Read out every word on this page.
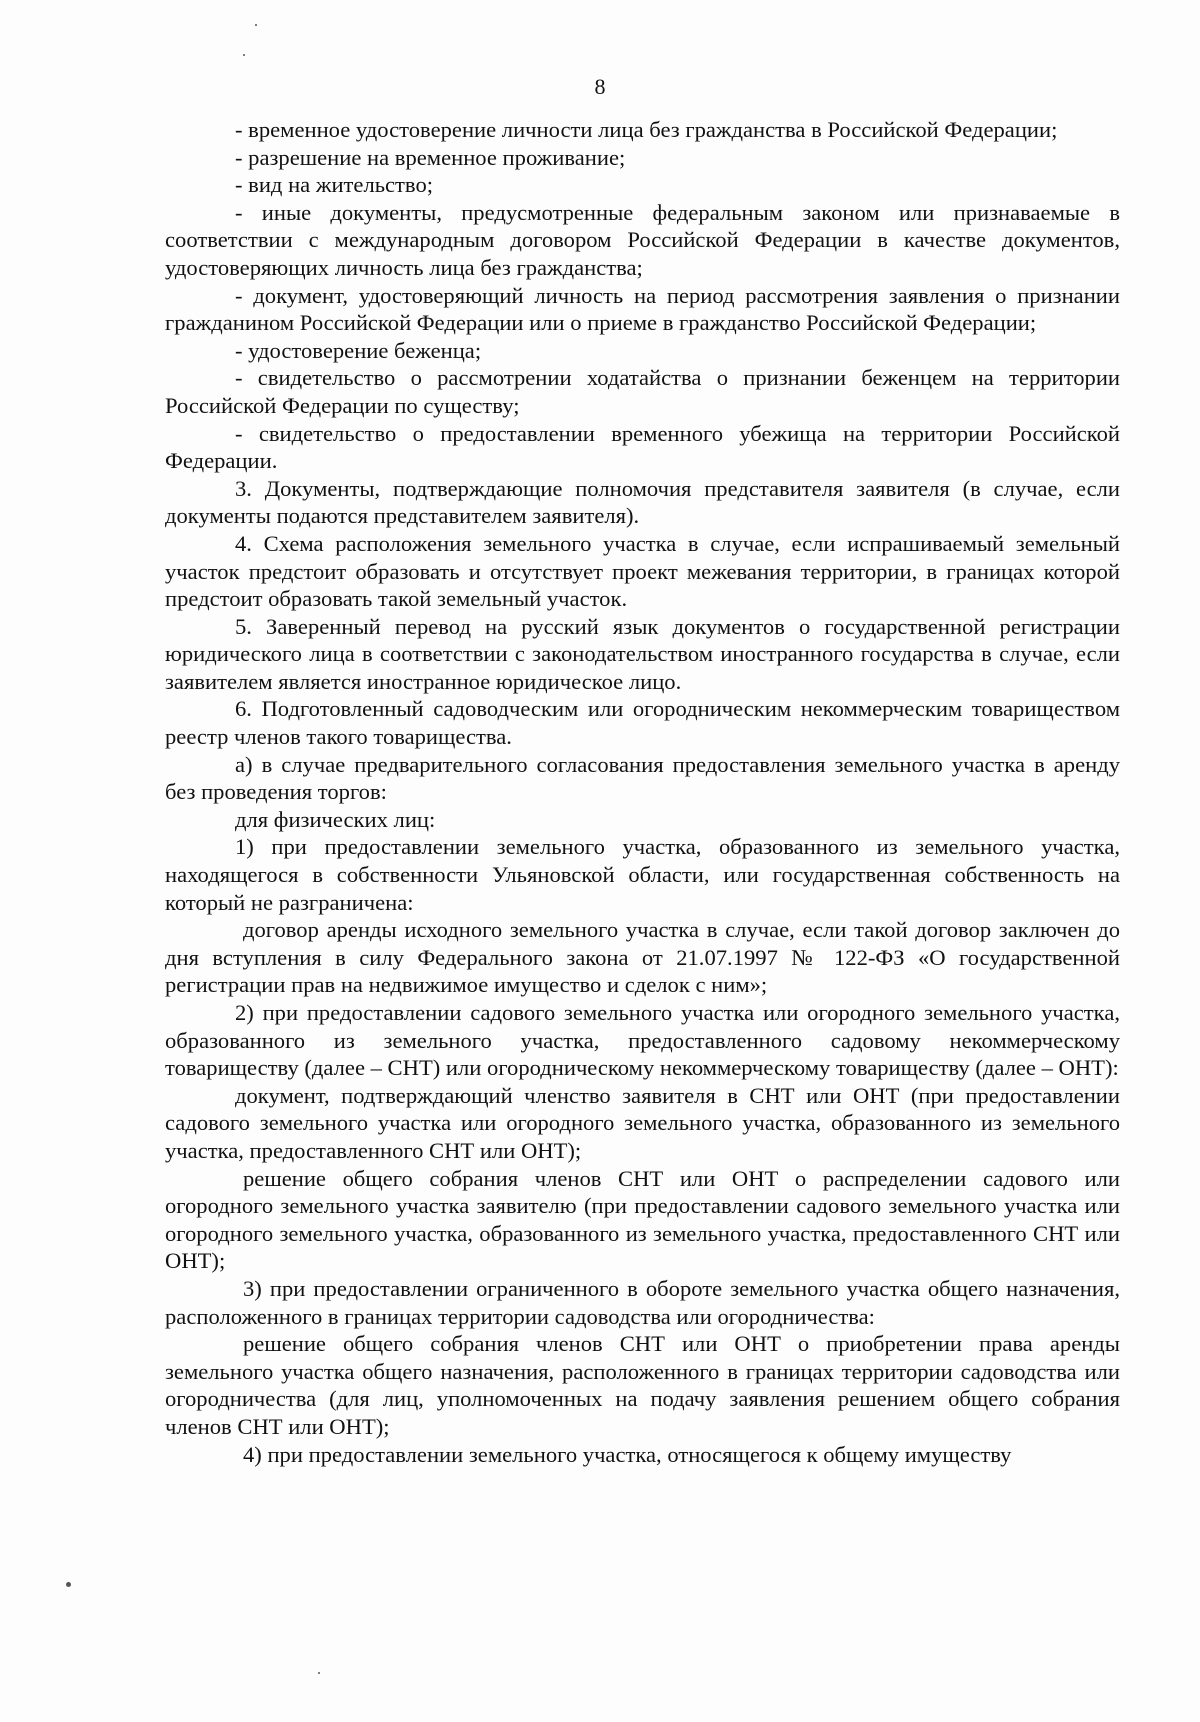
8

- временное удостоверение личности лица без гражданства в Российской Федерации;

- разрешение на временное проживание;

- вид на жительство;

- иные документы, предусмотренные федеральным законом или признаваемые в соответствии с международным договором Российской Федерации в качестве документов, удостоверяющих личность лица без гражданства;

- документ, удостоверяющий личность на период рассмотрения заявления о признании гражданином Российской Федерации или о приеме в гражданство Российской Федерации;

- удостоверение беженца;

- свидетельство о рассмотрении ходатайства о признании беженцем на территории Российской Федерации по существу;

- свидетельство о предоставлении временного убежища на территории Российской Федерации.

3. Документы, подтверждающие полномочия представителя заявителя (в случае, если документы подаются представителем заявителя).

4. Схема расположения земельного участка в случае, если испрашиваемый земельный участок предстоит образовать и отсутствует проект межевания территории, в границах которой предстоит образовать такой земельный участок.

5. Заверенный перевод на русский язык документов о государственной регистрации юридического лица в соответствии с законодательством иностранного государства в случае, если заявителем является иностранное юридическое лицо.

6. Подготовленный садоводческим или огородническим некоммерческим товариществом реестр членов такого товарищества.

а) в случае предварительного согласования предоставления земельного участка в аренду без проведения торгов:

для физических лиц:

1) при предоставлении земельного участка, образованного из земельного участка, находящегося в собственности Ульяновской области, или государственная собственность на который не разграничена:

договор аренды исходного земельного участка в случае, если такой договор заключен до дня вступления в силу Федерального закона от 21.07.1997 № 122-ФЗ «О государственной регистрации прав на недвижимое имущество и сделок с ним»;

2) при предоставлении садового земельного участка или огородного земельного участка, образованного из земельного участка, предоставленного садовому некоммерческому товариществу (далее – СНТ) или огородническому некоммерческому товариществу (далее – ОНТ):

документ, подтверждающий членство заявителя в СНТ или ОНТ (при предоставлении садового земельного участка или огородного земельного участка, образованного из земельного участка, предоставленного СНТ или ОНТ);

решение общего собрания членов СНТ или ОНТ о распределении садового или огородного земельного участка заявителю (при предоставлении садового земельного участка или огородного земельного участка, образованного из земельного участка, предоставленного СНТ или ОНТ);

3) при предоставлении ограниченного в обороте земельного участка общего назначения, расположенного в границах территории садоводства или огородничества:

решение общего собрания членов СНТ или ОНТ о приобретении права аренды земельного участка общего назначения, расположенного в границах территории садоводства или огородничества (для лиц, уполномоченных на подачу заявления решением общего собрания членов СНТ или ОНТ);

4) при предоставлении земельного участка, относящегося к общему имуществу
